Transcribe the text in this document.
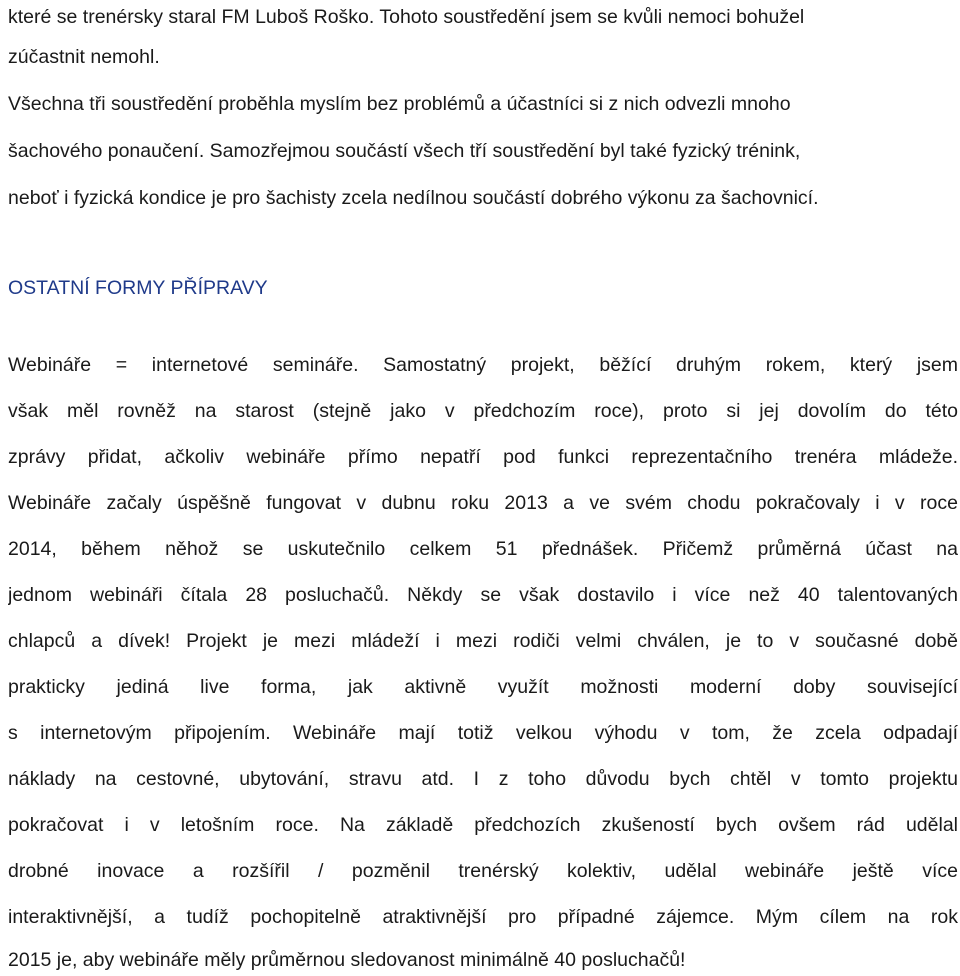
které se trenérsky staral FM Luboš Roško. Tohoto soustředění jsem se kvůli nemoci bohužel
zúčastnit nemohl.
Všechna tři soustředění proběhla myslím bez problémů a účastníci si z nich odvezli mnoho
šachového ponaučení. Samozřejmou součástí všech tří soustředění byl také fyzický trénink,
neboť i fyzická kondice je pro šachisty zcela nedílnou součástí dobrého výkonu za šachovnicí.
OSTATNÍ FORMY PŘÍPRAVY
Webináře = internetové semináře. Samostatný projekt, běžící druhým rokem, který jsem
však měl rovněž na starost (stejně jako v předchozím roce), proto si jej dovolím do této
zprávy přidat, ačkoliv webináře přímo nepatří pod funkci reprezentačního trenéra mládeže.
Webináře začaly úspěšně fungovat v dubnu roku 2013 a ve svém chodu pokračovaly i v roce
2014, během něhož se uskutečnilo celkem 51 přednášek. Přičemž průměrná účast na
jednom webináři čítala 28 posluchačů. Někdy se však dostavilo i více než 40 talentovaných
chlapců a dívek! Projekt je mezi mládeží i mezi rodiči velmi chválen, je to v současné době
prakticky jediná live forma, jak aktivně využít možnosti moderní doby související
s internetovým připojením. Webináře mají totiž velkou výhodu v tom, že zcela odpadají
náklady na cestovné, ubytování, stravu atd. I z toho důvodu bych chtěl v tomto projektu
pokračovat i v letošním roce. Na základě předchozích zkušeností bych ovšem rád udělal
drobné inovace a rozšířil / pozměnil trenérský kolektiv, udělal webináře ještě více
interaktivnější, a tudíž pochopitelně atraktivnější pro případné zájemce. Mým cílem na rok
2015 je, aby webináře měly průměrnou sledovanost minimálně 40 posluchačů!
